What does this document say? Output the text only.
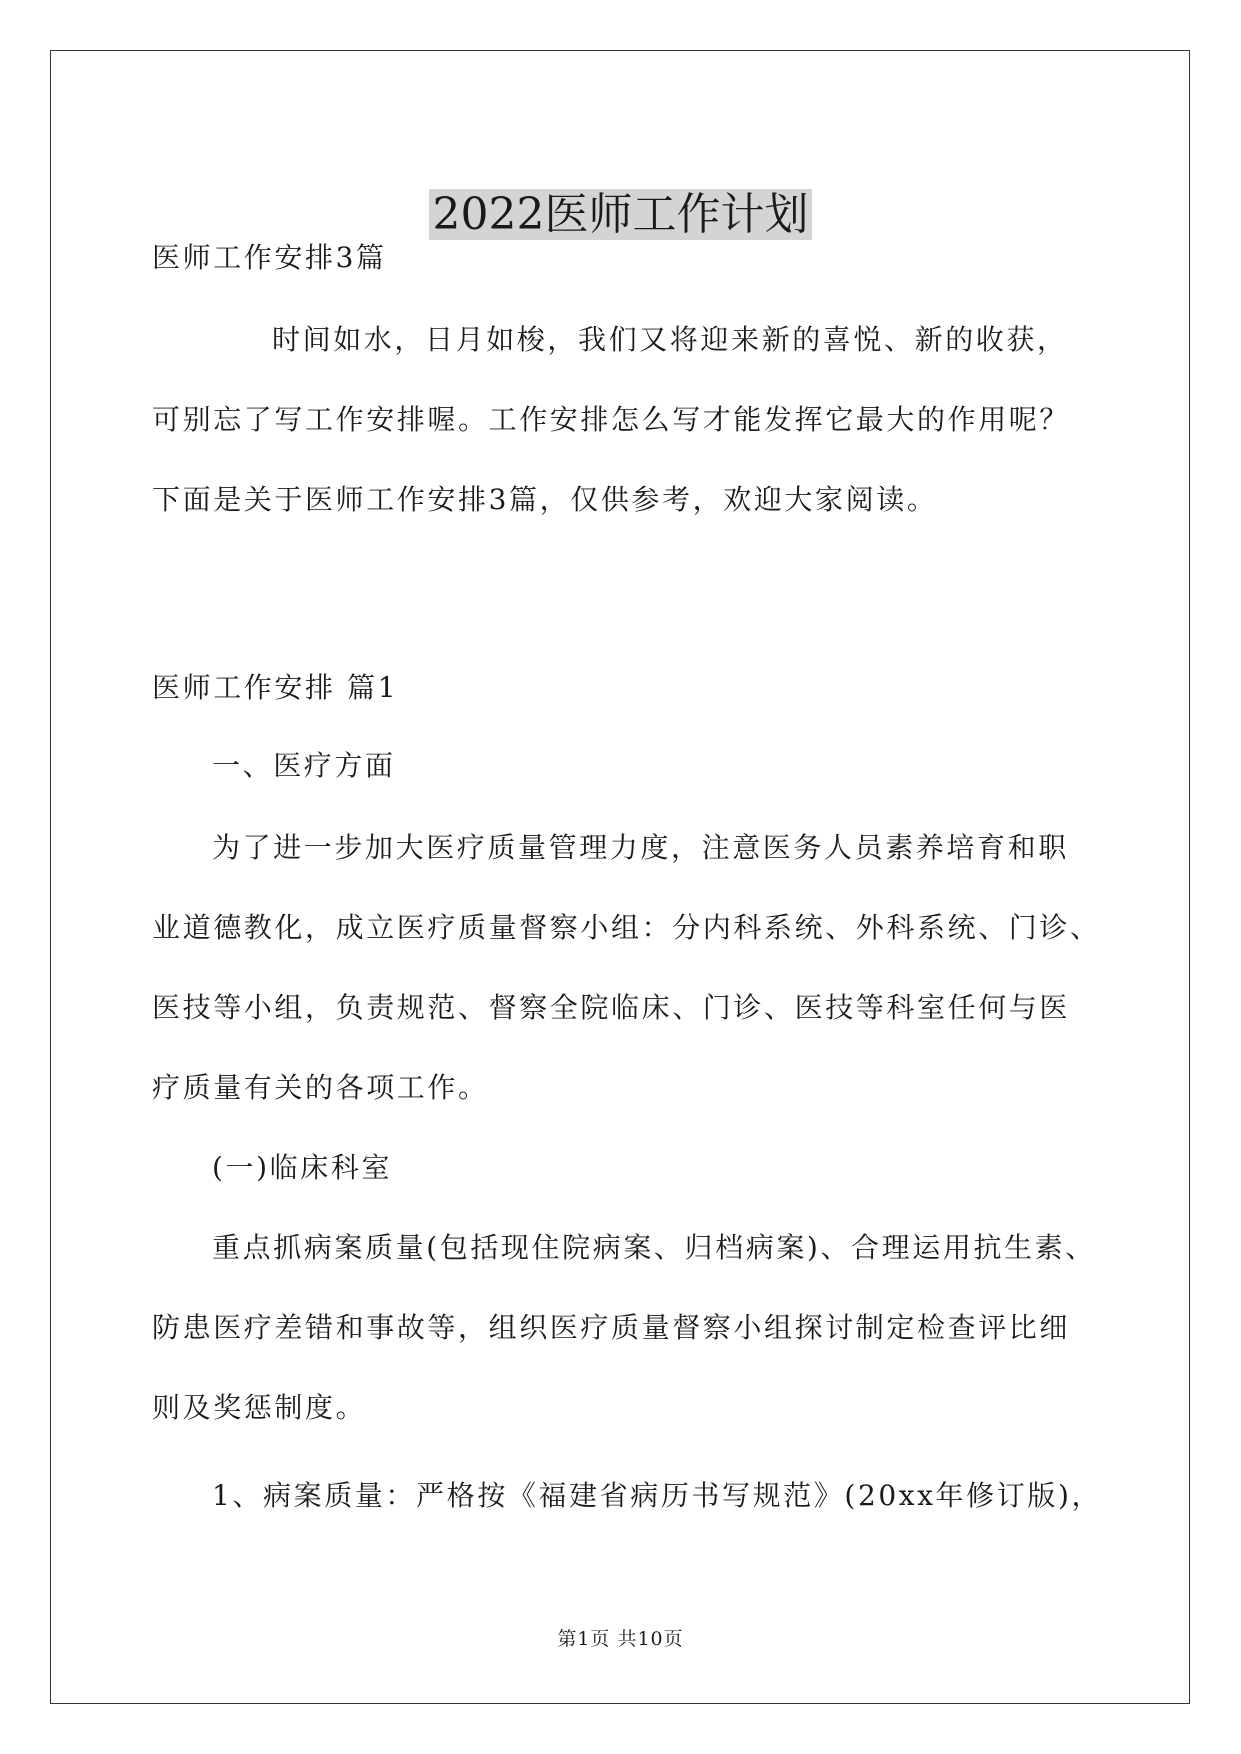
2022医师工作计划
医师工作安排3篇
时间如水，日月如梭，我们又将迎来新的喜悦、新的收获，
可别忘了写工作安排喔。工作安排怎么写才能发挥它最大的作用呢？
下面是关于医师工作安排3篇，仅供参考，欢迎大家阅读。
医师工作安排 篇1
一、医疗方面
为了进一步加大医疗质量管理力度，注意医务人员素养培育和职
业道德教化，成立医疗质量督察小组：分内科系统、外科系统、门诊、
医技等小组，负责规范、督察全院临床、门诊、医技等科室任何与医
疗质量有关的各项工作。
(一)临床科室
重点抓病案质量(包括现住院病案、归档病案)、合理运用抗生素、
防患医疗差错和事故等，组织医疗质量督察小组探讨制定检查评比细
则及奖惩制度。
1、病案质量：严格按《福建省病历书写规范》(20xx年修订版)，
第1页 共10页
